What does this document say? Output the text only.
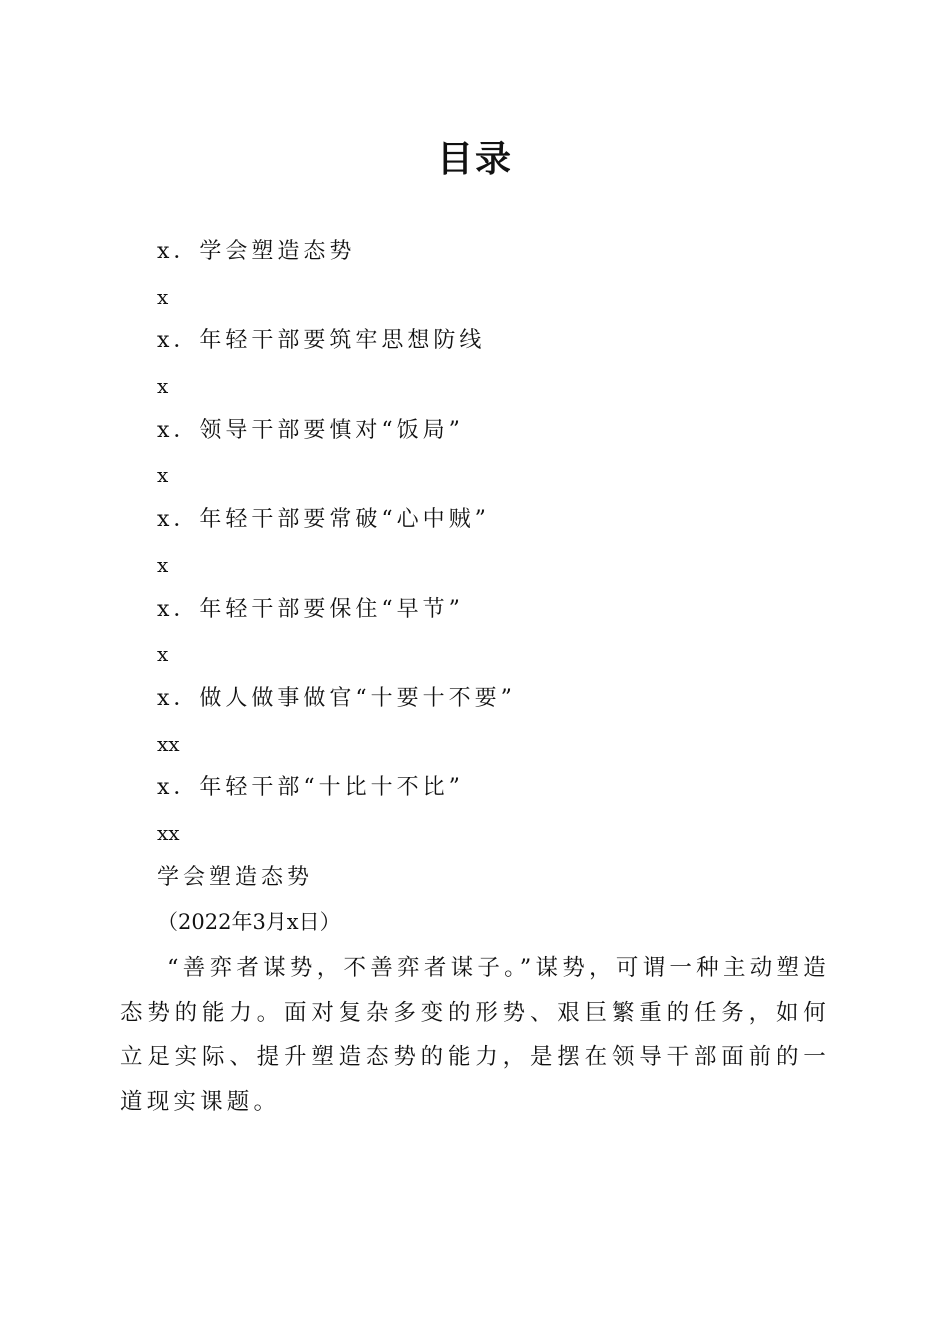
目录
x．学会塑造态势
x
x．年轻干部要筑牢思想防线
x
x．领导干部要慎对“饭局”
x
x．年轻干部要常破“心中贼”
x
x．年轻干部要保住“早节”
x
x．做人做事做官“十要十不要”
xx
x．年轻干部“十比十不比”
xx
学会塑造态势
（2022年3月x日）

“善弈者谋势，不善弈者谋子。”谋势，可谓一种主动塑造态势的能力。面对复杂多变的形势、艰巨繁重的任务，如何立足实际、提升塑造态势的能力，是摆在领导干部面前的一道现实课题。
